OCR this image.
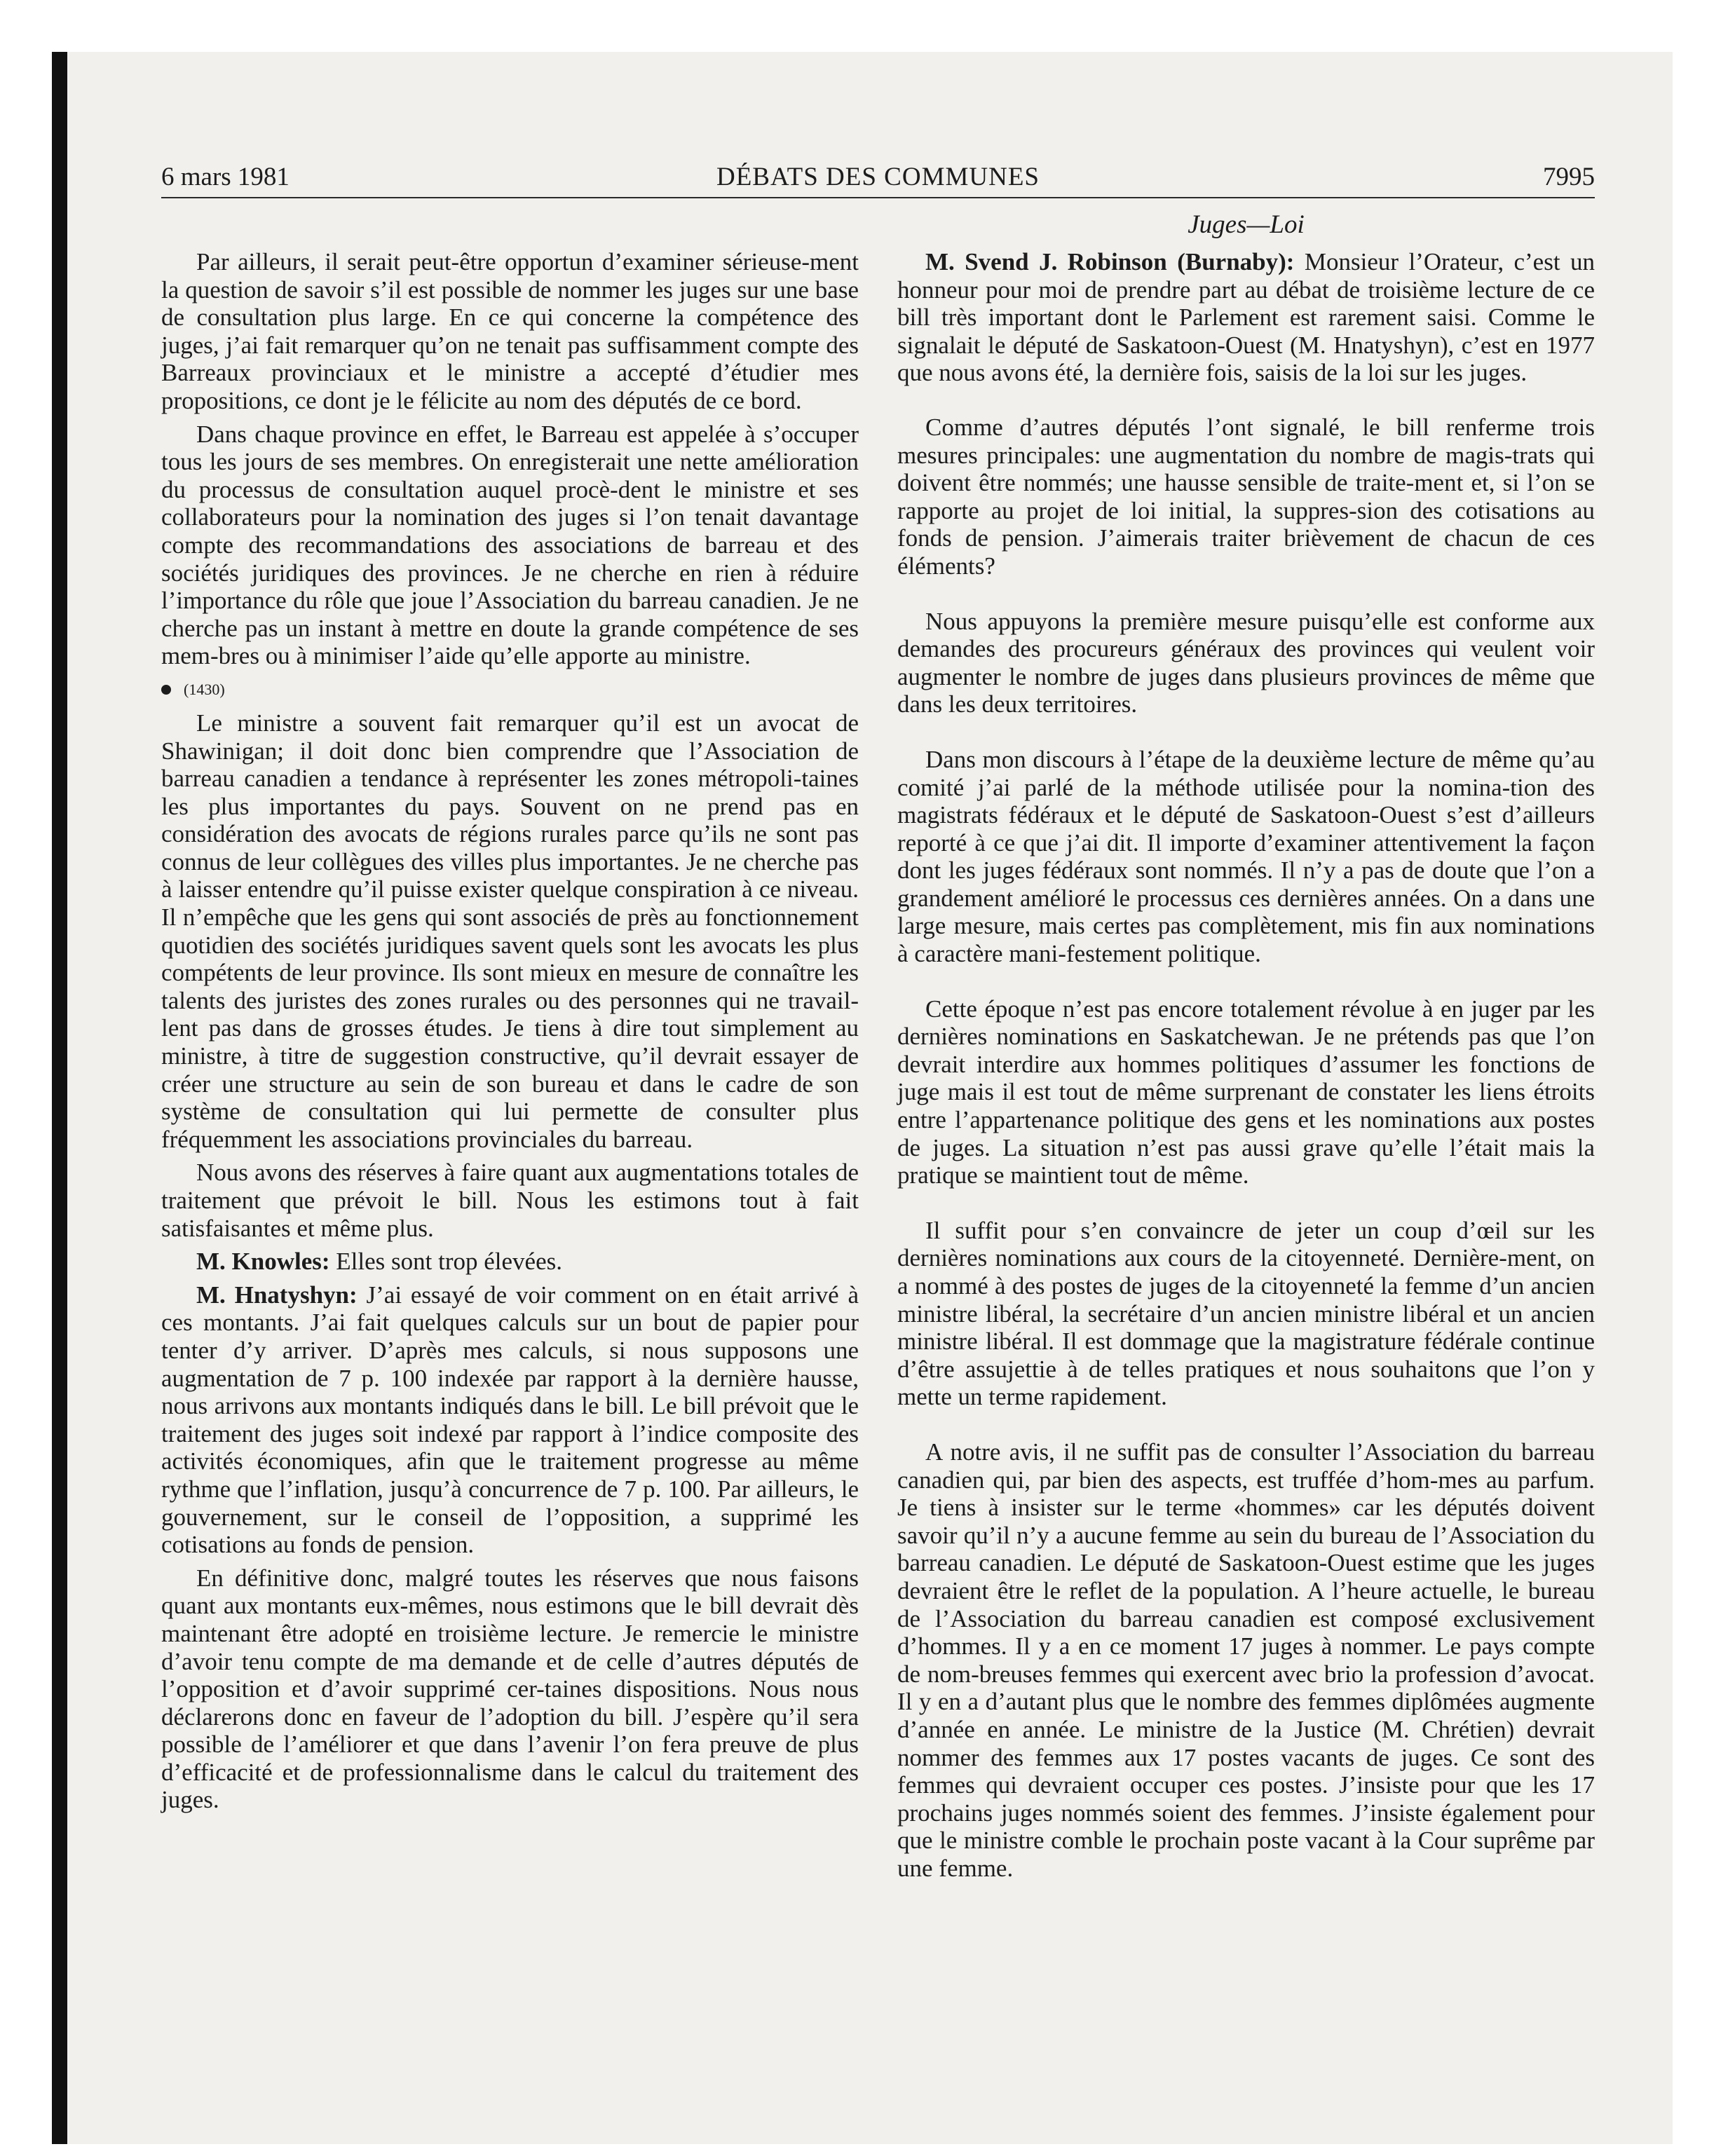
6 mars 1981	DÉBATS DES COMMUNES	7995
Juges—Loi

Par ailleurs, il serait peut-être opportun d’examiner sérieuse-ment la question de savoir s’il est possible de nommer les juges sur une base de consultation plus large. En ce qui concerne la compétence des juges, j’ai fait remarquer qu’on ne tenait pas suffisamment compte des Barreaux provinciaux et le ministre a accepté d’étudier mes propositions, ce dont je le félicite au nom des députés de ce bord.

Dans chaque province en effet, le Barreau est appelée à s’occuper tous les jours de ses membres. On enregisterait une nette amélioration du processus de consultation auquel procè-dent le ministre et ses collaborateurs pour la nomination des juges si l’on tenait davantage compte des recommandations des associations de barreau et des sociétés juridiques des provinces. Je ne cherche en rien à réduire l’importance du rôle que joue l’Association du barreau canadien. Je ne cherche pas un instant à mettre en doute la grande compétence de ses mem-bres ou à minimiser l’aide qu’elle apporte au ministre.

(1430)

Le ministre a souvent fait remarquer qu’il est un avocat de Shawinigan; il doit donc bien comprendre que l’Association de barreau canadien a tendance à représenter les zones métropoli-taines les plus importantes du pays. Souvent on ne prend pas en considération des avocats de régions rurales parce qu’ils ne sont pas connus de leur collègues des villes plus importantes. Je ne cherche pas à laisser entendre qu’il puisse exister quelque conspiration à ce niveau. Il n’empêche que les gens qui sont associés de près au fonctionnement quotidien des sociétés juridiques savent quels sont les avocats les plus compétents de leur province. Ils sont mieux en mesure de connaître les talents des juristes des zones rurales ou des personnes qui ne travail-lent pas dans de grosses études. Je tiens à dire tout simplement au ministre, à titre de suggestion constructive, qu’il devrait essayer de créer une structure au sein de son bureau et dans le cadre de son système de consultation qui lui permette de consulter plus fréquemment les associations provinciales du barreau.

Nous avons des réserves à faire quant aux augmentations totales de traitement que prévoit le bill. Nous les estimons tout à fait satisfaisantes et même plus.

M. Knowles: Elles sont trop élevées.

M. Hnatyshyn: J’ai essayé de voir comment on en était arrivé à ces montants. J’ai fait quelques calculs sur un bout de papier pour tenter d’y arriver. D’après mes calculs, si nous supposons une augmentation de 7 p. 100 indexée par rapport à la dernière hausse, nous arrivons aux montants indiqués dans le bill. Le bill prévoit que le traitement des juges soit indexé par rapport à l’indice composite des activités économiques, afin que le traitement progresse au même rythme que l’inflation, jusqu’à concurrence de 7 p. 100. Par ailleurs, le gouvernement, sur le conseil de l’opposition, a supprimé les cotisations au fonds de pension.

En définitive donc, malgré toutes les réserves que nous faisons quant aux montants eux-mêmes, nous estimons que le bill devrait dès maintenant être adopté en troisième lecture. Je remercie le ministre d’avoir tenu compte de ma demande et de celle d’autres députés de l’opposition et d’avoir supprimé cer-taines dispositions. Nous nous déclarerons donc en faveur de l’adoption du bill. J’espère qu’il sera possible de l’améliorer et que dans l’avenir l’on fera preuve de plus d’efficacité et de professionnalisme dans le calcul du traitement des juges.

M. Svend J. Robinson (Burnaby): Monsieur l’Orateur, c’est un honneur pour moi de prendre part au débat de troisième lecture de ce bill très important dont le Parlement est rarement saisi. Comme le signalait le député de Saskatoon-Ouest (M. Hnatyshyn), c’est en 1977 que nous avons été, la dernière fois, saisis de la loi sur les juges.

Comme d’autres députés l’ont signalé, le bill renferme trois mesures principales: une augmentation du nombre de magis-trats qui doivent être nommés; une hausse sensible de traite-ment et, si l’on se rapporte au projet de loi initial, la suppres-sion des cotisations au fonds de pension. J’aimerais traiter brièvement de chacun de ces éléments?

Nous appuyons la première mesure puisqu’elle est conforme aux demandes des procureurs généraux des provinces qui veulent voir augmenter le nombre de juges dans plusieurs provinces de même que dans les deux territoires.

Dans mon discours à l’étape de la deuxième lecture de même qu’au comité j’ai parlé de la méthode utilisée pour la nomina-tion des magistrats fédéraux et le député de Saskatoon-Ouest s’est d’ailleurs reporté à ce que j’ai dit. Il importe d’examiner attentivement la façon dont les juges fédéraux sont nommés. Il n’y a pas de doute que l’on a grandement amélioré le processus ces dernières années. On a dans une large mesure, mais certes pas complètement, mis fin aux nominations à caractère mani-festement politique.

Cette époque n’est pas encore totalement révolue à en juger par les dernières nominations en Saskatchewan. Je ne prétends pas que l’on devrait interdire aux hommes politiques d’assumer les fonctions de juge mais il est tout de même surprenant de constater les liens étroits entre l’appartenance politique des gens et les nominations aux postes de juges. La situation n’est pas aussi grave qu’elle l’était mais la pratique se maintient tout de même.

Il suffit pour s’en convaincre de jeter un coup d’œil sur les dernières nominations aux cours de la citoyenneté. Dernière-ment, on a nommé à des postes de juges de la citoyenneté la femme d’un ancien ministre libéral, la secrétaire d’un ancien ministre libéral et un ancien ministre libéral. Il est dommage que la magistrature fédérale continue d’être assujettie à de telles pratiques et nous souhaitons que l’on y mette un terme rapidement.

A notre avis, il ne suffit pas de consulter l’Association du barreau canadien qui, par bien des aspects, est truffée d’hom-mes au parfum. Je tiens à insister sur le terme «hommes» car les députés doivent savoir qu’il n’y a aucune femme au sein du bureau de l’Association du barreau canadien. Le député de Saskatoon-Ouest estime que les juges devraient être le reflet de la population. A l’heure actuelle, le bureau de l’Association du barreau canadien est composé exclusivement d’hommes. Il y a en ce moment 17 juges à nommer. Le pays compte de nom-breuses femmes qui exercent avec brio la profession d’avocat. Il y en a d’autant plus que le nombre des femmes diplômées augmente d’année en année. Le ministre de la Justice (M. Chrétien) devrait nommer des femmes aux 17 postes vacants de juges. Ce sont des femmes qui devraient occuper ces postes. J’insiste pour que les 17 prochains juges nommés soient des femmes. J’insiste également pour que le ministre comble le prochain poste vacant à la Cour suprême par une femme.
